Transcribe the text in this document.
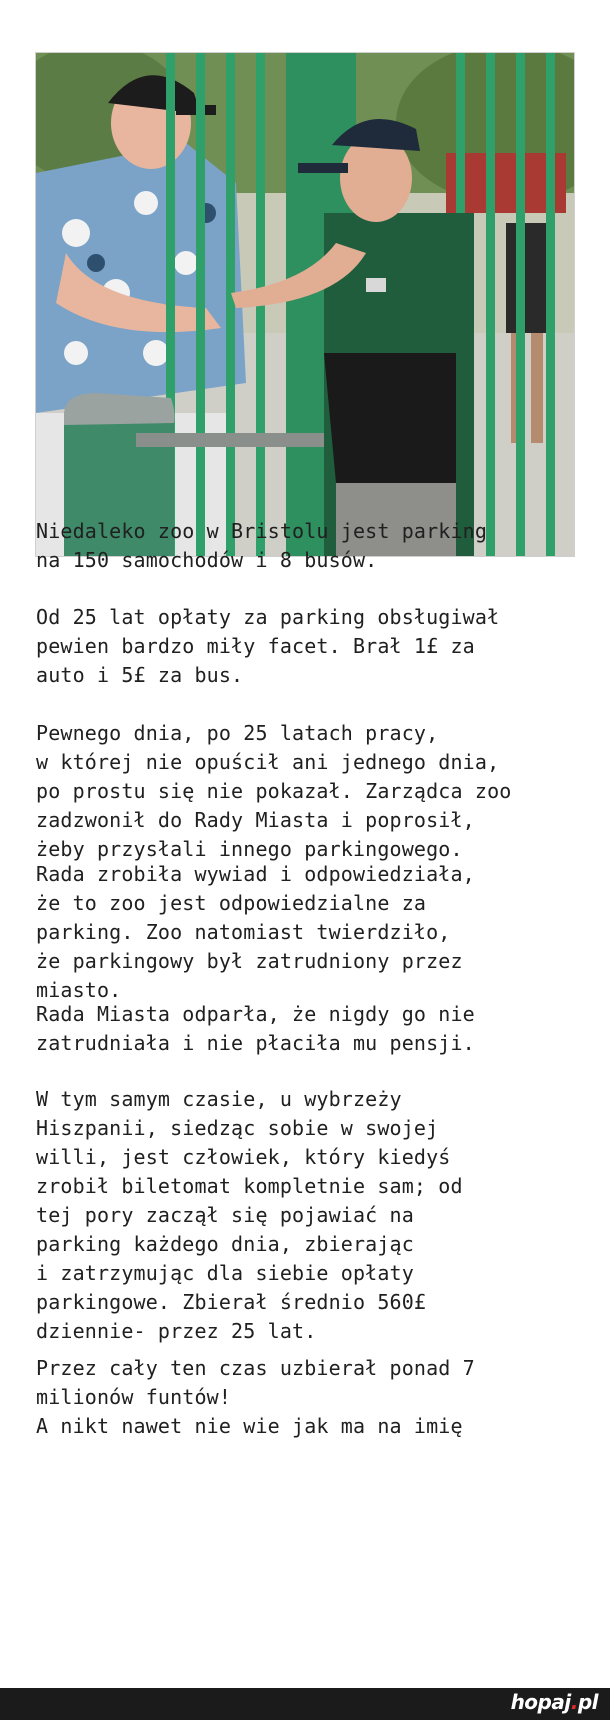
Niedaleko zoo w Bristolu jest parking
na 150 samochodów i 8 busów.
Od 25 lat opłaty za parking obsługiwał
pewien bardzo miły facet. Brał 1£ za
auto i 5£ za bus.
Pewnego dnia, po 25 latach pracy,
w której nie opuścił ani jednego dnia,
po prostu się nie pokazał. Zarządca zoo
zadzwonił do Rady Miasta i poprosił,
żeby przysłali innego parkingowego.
Rada zrobiła wywiad i odpowiedziała,
że to zoo jest odpowiedzialne za
parking. Zoo natomiast twierdziło,
że parkingowy był zatrudniony przez
miasto.
Rada Miasta odparła, że nigdy go nie
zatrudniała i nie płaciła mu pensji.
W tym samym czasie, u wybrzeży
Hiszpanii, siedząc sobie w swojej
willi, jest człowiek, który kiedyś
zrobił biletomat kompletnie sam; od
tej pory zaczął się pojawiać na
parking każdego dnia, zbierając
i zatrzymując dla siebie opłaty
parkingowe. Zbierał średnio 560£
dziennie- przez 25 lat.
Przez cały ten czas uzbierał ponad 7
milionów funtów!
A nikt nawet nie wie jak ma na imię
hopaj.pl
